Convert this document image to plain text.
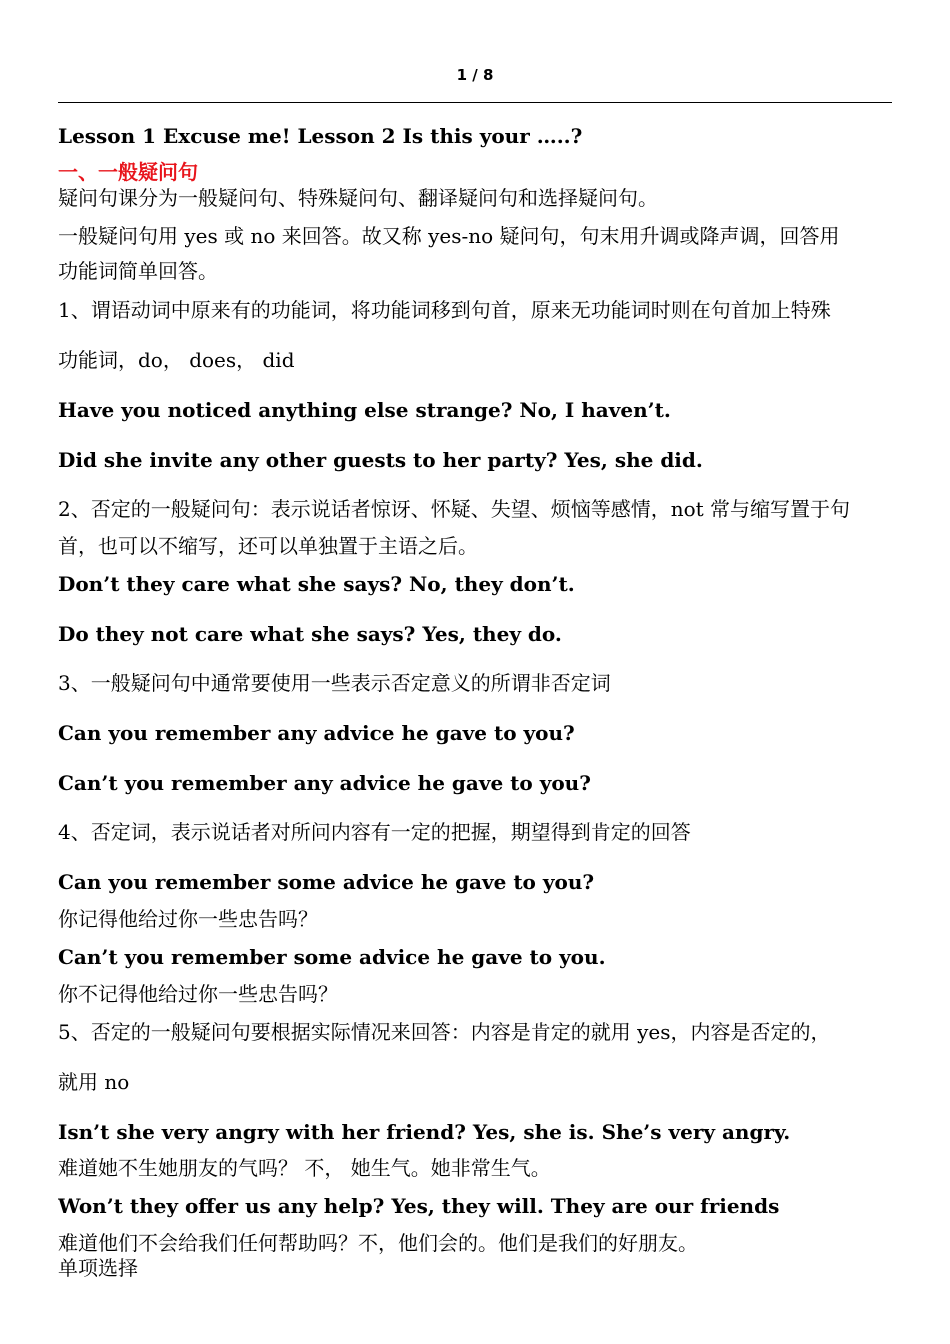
1 / 8
Lesson 1 Excuse me! Lesson 2 Is this your …..?
一、一般疑问句
疑问句课分为一般疑问句、特殊疑问句、翻译疑问句和选择疑问句。
一般疑问句用 yes 或 no 来回答。故又称 yes-no 疑问句，句末用升调或降声调，回答用
功能词简单回答。
1、谓语动词中原来有的功能词，将功能词移到句首，原来无功能词时则在句首加上特殊
功能词，do， does， did
Have you noticed anything else strange? No, I haven’t.
Did she invite any other guests to her party? Yes, she did.
2、否定的一般疑问句：表示说话者惊讶、怀疑、失望、烦恼等感情，not 常与缩写置于句
首，也可以不缩写，还可以单独置于主语之后。
Don’t they care what she says? No, they don’t.
Do they not care what she says? Yes, they do.
3、一般疑问句中通常要使用一些表示否定意义的所谓非否定词
Can you remember any advice he gave to you?
Can’t you remember any advice he gave to you?
4、否定词，表示说话者对所问内容有一定的把握，期望得到肯定的回答
Can you remember some advice he gave to you?
你记得他给过你一些忠告吗？
Can’t you remember some advice he gave to you.
你不记得他给过你一些忠告吗？
5、否定的一般疑问句要根据实际情况来回答：内容是肯定的就用 yes，内容是否定的，
就用 no
Isn’t she very angry with her friend? Yes, she is. She’s very angry.
难道她不生她朋友的气吗？ 不， 她生气。她非常生气。
Won’t they offer us any help? Yes, they will. They are our friends
难道他们不会给我们任何帮助吗？不，他们会的。他们是我们的好朋友。
单项选择
